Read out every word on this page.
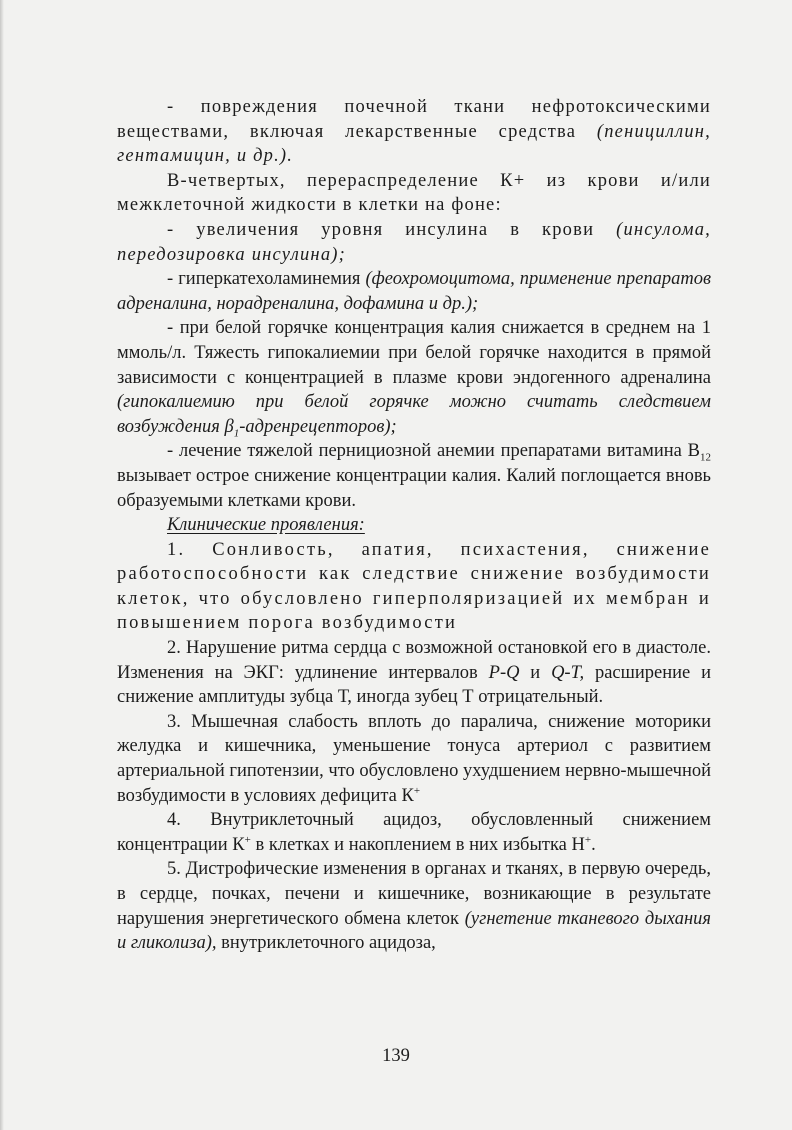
- повреждения почечной ткани нефротоксическими веществами, включая лекарственные средства (пенициллин, гентамицин, и др.).

В-четвертых, перераспределение К+ из крови и/или межклеточной жидкости в клетки на фоне:

- увеличения уровня инсулина в крови (инсулома, передозировка инсулина);

- гиперкатехоламинемия (феохромоцитома, применение препаратов адреналина, норадреналина, дофамина и др.);

- при белой горячке концентрация калия снижается в среднем на 1 ммоль/л. Тяжесть гипокалиемии при белой горячке находится в прямой зависимости с концентрацией в плазме крови эндогенного адреналина (гипокалиемию при белой горячке можно считать следствием возбуждения $\beta_1-адренрецепторов$);

- лечение тяжелой пернициозной анемии препаратами витамина $В_{12}$ вызывает острое снижение концентрации калия. Калий поглощается вновь образуемыми клетками крови.

Клинические проявления:

1. Сонливость, апатия, психастения, снижение работоспособности как следствие снижение возбудимости клеток, что обусловлено гиперполяризацией их мембран и повышением порога возбудимости

2. Нарушение ритма сердца с возможной остановкой его в диастоле. Изменения на ЭКГ: удлинение интервалов P-Q и Q-T, расширение и снижение амплитуды зубца Т, иногда зубец Т отрицательный.

3. Мышечная слабость вплоть до паралича, снижение моторики желудка и кишечника, уменьшение тонуса артериол с развитием артериальной гипотензии, что обусловлено ухудшением нервно-мышечной возбудимости в условиях дефицита К+

4. Внутриклеточный ацидоз, обусловленный снижением концентрации К+ в клетках и накоплением в них избытка Н+.

5. Дистрофические изменения в органах и тканях, в первую очередь, в сердце, почках, печени и кишечнике, возникающие в результате нарушения энергетического обмена клеток (угнетение тканевого дыхания и гликолиза), внутриклеточного ацидоза,

139
